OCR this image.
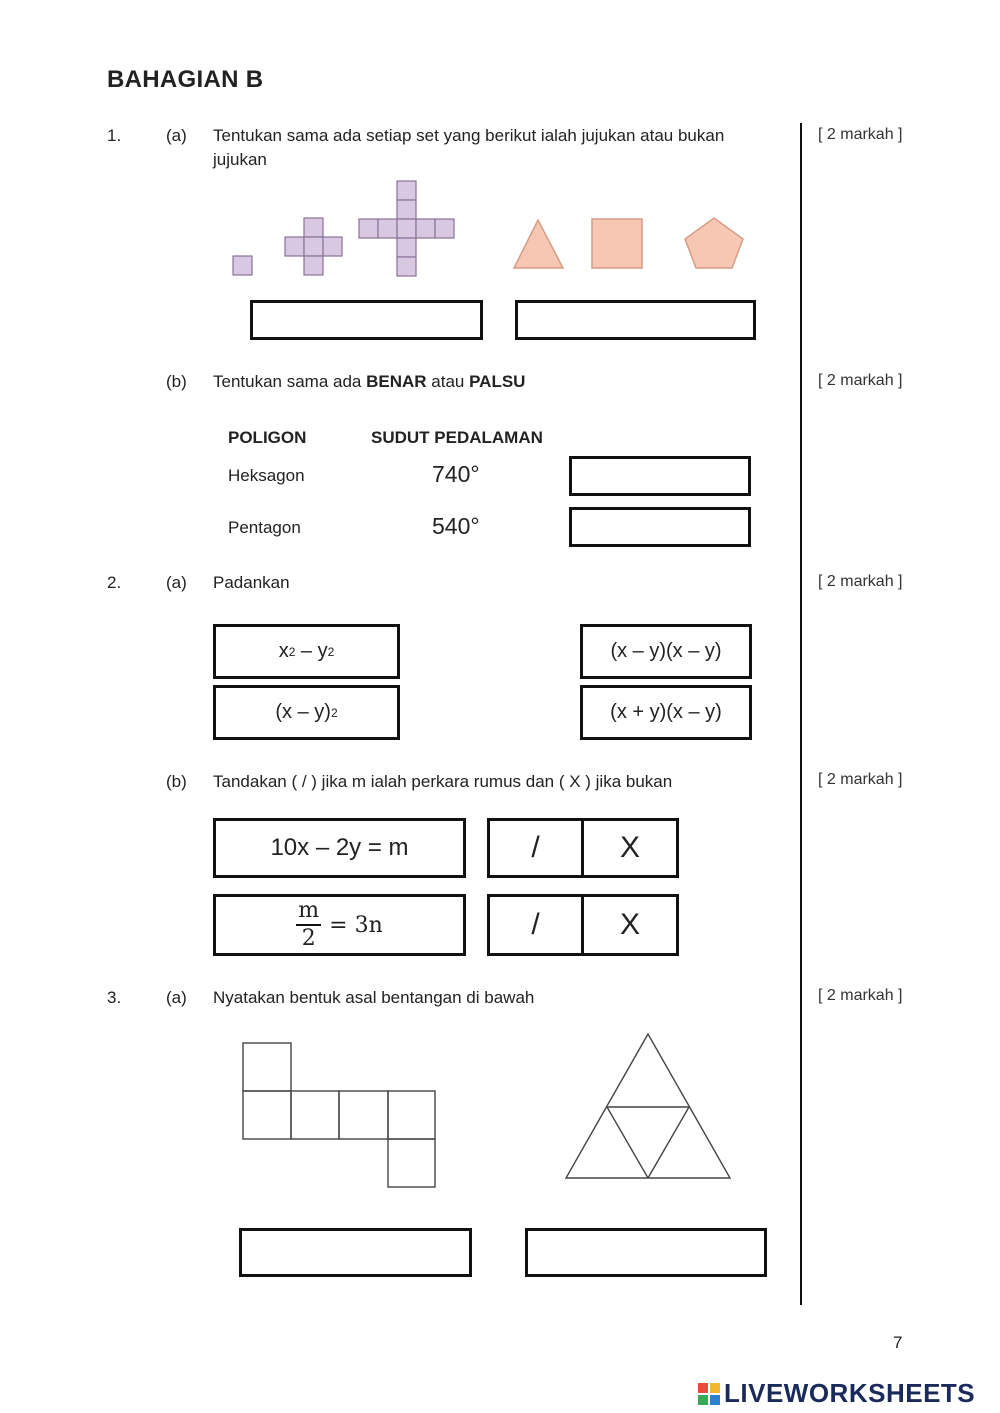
BAHAGIAN B
1.	(a) Tentukan sama ada setiap set yang berikut ialah jujukan atau bukan
jujukan
[ 2 markah ]
(b) Tentukan sama ada BENAR atau PALSU	[ 2 markah ]
POLIGON	SUDUT PEDALAMAN
Heksagon	740°
Pentagon	540°
2.	(a) Padankan	[ 2 markah ]
x 2 – y 2
(x – y) 2
(x – y)(x – y)
(x + y)(x – y)
(b) Tandakan ( / ) jika m ialah perkara rumus dan ( X ) jika bukan	[ 2 markah ]
10x – 2y = m	/	X
$\frac{m}{2} = 3n$	/	X
3.	(a) Nyatakan bentuk asal bentangan di bawah	[ 2 markah ]
7
LIVEWORKSHEETS
